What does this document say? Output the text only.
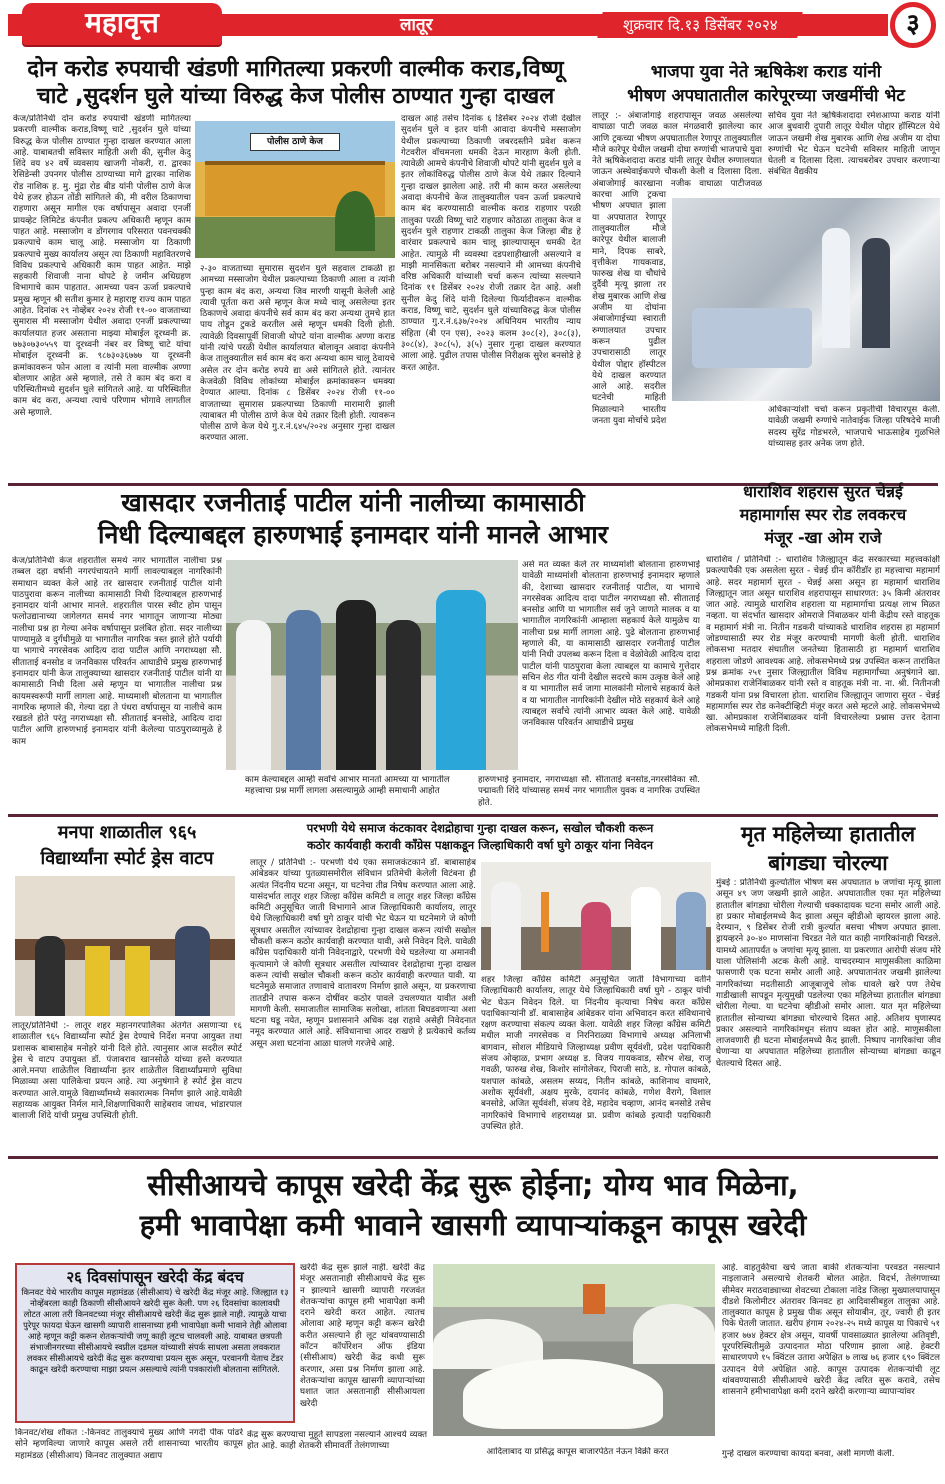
महावृत्त	लातूर	शुक्रवार दि.१३ डिसेंबर २०२४	३
दोन करोड रुपयाची खंडणी मागितल्या प्रकरणी वाल्मीक कराड,विष्णू
चाटे ,सुदर्शन घुले यांच्या विरुद्ध केज पोलीस ठाण्यात गुन्हा दाखल
केज/प्रतिनिधी दोन करोड रुपयाची खंडणी मागितल्या प्रकरणी वाल्मीक कराड,विष्णू चाटे ,सुदर्शन घुले यांच्या विरुद्ध केज पोलीस ठाण्यात गुन्हा दाखल करण्यात आला आहे. याबाबतची सविस्तर माहिती अशी की, सुनील केदु शिंदे वय ४२ वर्षे व्यवसाय खाजगी नोकरी, रा. द्वारका रेसिडेन्सी उपनगर पोलीस ठाण्याच्या मागे द्वारका नाशिक रोड नाशिक ह. मु. मुंद्रा रोड बीड यांनी पोलीस ठाणे केज येथे हजर होऊन तोंडी सांगितले की, मी वरील ठिकाणचा राहणारा असून मागील एक वर्षापासून अवादा एनर्जी प्रायव्हेट लिमिटेड कंपनीत प्रकल्प अधिकारी म्हणून काम पाहत आहे. मस्साजोग व डोंगरगाव परिसरात पवनचक्की प्रकल्पाचे काम चालू आहे. मस्साजोग या ठिकाणी प्रकल्पाचे मुख्य कार्यालय असून त्या ठिकाणी महावितरणचे विविध प्रकल्पाचे अधिकारी काम पाहत आहेत. माझे सहकारी शिवाजी नाना थोपटे हे जमीन अधिग्रहण विभागाचे काम पाहतात. आमच्या पवन ऊर्जा प्रकल्पाचे प्रमुख म्हणून श्री सतीश कुमार हे महाराष्ट्र राज्य काम पाहत आहेत. दिनांक २९ नोव्हेंबर २०२४ रोजी ११-०० वाजताच्या सुमारास मी मस्साजोग येथील अवादा एनर्जी प्रकल्पाच्या कार्यालयात हजर असताना माझ्या मोबाईल दूरध्वनी क्र. ७७३०७३०५५९ या दूरध्वनी नंबर वर विष्णू चाटे यांचा मोबाईल दूरध्वनी क्र. ९८७३०३६७७७ या दूरध्वनी क्रमांकावरून फोन आला व त्यांनी मला वाल्मीक अण्णा बोलणार आहेत असे म्हणाले, तसे ते काम बंद करा व परिस्थितीमध्ये सुदर्शन घुले सांगितले आहे. या परिस्थितीत काम बंद करा, अन्यथा त्याचे परिणाम भोगावे लागतील असे म्हणाले.
पोलीस ठाणे केज
२-३० वाजताच्या सुमारास सुदर्शन घुले सहवाल टाकळी हा आमच्या मस्साजोग येथील प्रकल्पाच्या ठिकाणी आला व त्यांनी पुन्हा काम बंद करा, अन्यथा जिव मारणी यासूनी केलेली आहे त्यावी पूर्तता करा असे म्हणून केज मध्ये चालू असलेल्या इतर ठिकाणचे अवादा कंपनीचे सर्व काम बंद करा अन्यथा तुमचे हात पाय तोडून टुकडे करतील असे म्हणून धमकी दिली होती. त्यावेळी दिवसापूर्वी शिवाजी थोपटे यांना वाल्मीक अण्णा कराड यांनी त्यांचे परळी येथील कार्यालयात बोलावून अवादा कंपनीने केज तालुक्यातील सर्व काम बंद करा अन्यथा काम चालू ठेवायचे असेल तर दोन करोड रुपये द्या असे सांगितले होते. त्यानंतर केजवेळी विविध लोकांच्या मोबाईल क्रमांकावरून धमक्या देण्यात आल्या. दिनांक ८ डिसेंबर २०२४ रोजी ११-०० वाजताच्या सुमारास प्रकल्पाच्या ठिकाणी मारामारी झाली त्याबाबत मी पोलीस ठाणे केज येथे तक्रार दिली होती. त्यावरून पोलीस ठाणे केज येथे गु.र.नं.६४५/२०२४ अनुसार गुन्हा दाखल करण्यात आला.
दाखल आहे तसेच दिनांक ६ डिसेंबर २०२४ रोजी देखील सुदर्शन घुले व इतर यांनी आवादा कंपनीचे मस्साजोग येथील प्रकल्पाच्या ठिकाणी जबरदस्तीने प्रवेश करून गेटवरील वॉचमनला धमकी देऊन मारहाण केली होती. त्यावेळी आमचे कंपनीचे शिवाजी थोपटे यांनी सुदर्शन घुले व इतर लोकांविरुद्ध पोलीस ठाणे केज येथे तक्रार दिल्याने गुन्हा दाखल झालेला आहे. तरी मी काम करत असलेल्या अवादा कंपनीचे केज तालुक्यातील पवन ऊर्जा प्रकल्पाचे काम बंद करण्यासाठी वाल्मीक कराड राहणार परळी तालुका परळी विष्णू चाटे राहणार कोठाळा तालुका केज व सुदर्शन घुले राहणार टाकळी तालुका केज जिल्हा बीड हे वारंवार प्रकल्पाचे काम चालू झाल्यापासून धमकी देत आहेत. त्यामुळे मी व्यवस्था दडपशाहीखाली असल्याने व माझी मानसिकता बरोबर नसल्याने मी आमच्या कंपनीचे वरिष्ठ अधिकारी यांच्याशी चर्चा करून त्यांच्या सल्ल्याने दिनांक ११ डिसेंबर २०२४ रोजी तक्रार देत आहे. अशी सुनील केदु शिंदे यांनी दिलेल्या फिर्यादीवरून वाल्मीक कराड, विष्णू चाटे, सुदर्शन घुले यांच्याविरुद्ध केज पोलीस ठाण्यात गु.र.नं.६३७/२०२४ अधिनियम भारतीय न्याय संहिता (बी एन एस), २०२३ कलम ३०८(२), ३०८(३), ३०८(४), ३०८(५), ३(५) नुसार गुन्हा दाखल करण्यात आला आहे. पुढील तपास पोलीस निरीक्षक सुरेश बनसोडे हे करत आहेत.
भाजपा युवा नेते ऋषिकेश कराड यांनी
भीषण अपघातातील कारेपूरच्या जखमींची भेट
लातूर :- अंबाजोगाई शहरापासून जवळ असलेल्या वाघाळा पाटी जवळ काल मंगळवारी झालेल्या कार आणि ट्रकच्या भीषण अपघातातील रेणापूर तालुक्यातील मौजे कारेपूर येथील जखमी दोघा रुग्णांची भाजपाचे युवा नेते ऋषिकेशदादा कराड यांनी लातूर येथील रुग्णालयात जाऊन अस्थेवाईकपणे चौकशी केली व दिलासा दिला. अंबाजोगाई कारखाना नजीक वाघाळा पाटीजवळ कारचा आणि ट्रकचा भीषण अपघात झाला या अपघातात रेणापूर तालुक्यातील मौजे कारेपूर येथील बालाजी माने, दिपक साबरे, वृत्तीकेश गायकवाड, फारुख शेख या चौघांचे दुर्दैवी मृत्यू झाला तर शेख मुबारक आणि शेख अजीम या दोघांना अंबाजोगाईच्या स्वाराती रुग्णालयात उपचार करून पुढील उपचारासाठी लातूर येथील पोद्दार हॉस्पीटल येथे दाखल करण्यात आले आहे. सदरील घटनेची माहिती मिळाल्याने भारतीय जनता युवा मोर्चाचे प्रदेश
सचिव युवा नेते ऋषिकेशदादा रमेशआप्पा कराड यांनी आज बुधवारी दुपारी लातूर येथील पोद्दार हॉस्पिटल येथे जाऊन जखमी शेख मुबारक आणि शेख अजीम या दोघा रुग्णांची भेट घेऊन घटनेची सविस्तर माहिती जाणून घेतली व दिलासा दिला. त्याचबरोबर उपचार करणाऱ्या संबंधित वैद्यकीय
अधिकाऱ्यांशी चर्चा करून प्रकृतीची विचारपूस केली. यावेळी जखमी रुग्णांचे नातेवाईक जिल्हा परिषदेचे माजी सदस्य सुरेंद्र गोडभरले, भाजपाचे भाऊसाहेब गुळभिले यांच्यासह इतर अनेक जण होते.
खासदार रजनीताई पाटील यांनी नालीच्या कामासाठी
निधी दिल्याबद्दल हारुणभाई इनामदार यांनी मानले आभार
केज/प्रतिनिधी केज शहरातील समर्थ नगर भागातील नालीचा प्रश्न तब्बल दहा वर्षानी नगरपंचायतने मार्गी लावल्याबद्दल नागरिकांनी समाधान व्यक्त केले आहे तर खासदार रजनीताई पाटील यांनी पाठपुरावा करून नालीच्या कामासाठी निधी दिल्याबद्दल हारुणभाई इनामदार यांनी आभार मानले. शहरातील पारस स्वीट होम पासून फलोउद्यानाच्या जागेलगत समर्थ नगर भागातून जाणाऱ्या मोठ्या नालीचा प्रश्न हा गेल्या अनेक वर्षापासून प्रलंबित होता. सदर नालीच्या पाण्यामुळे व दुर्गंधीमुळे या भागातील नागरिक त्रस्त झाले होते पर्यायी या भागाचे नगरसेवक आदित्य दादा पाटील आणि नगराध्यक्षा सौ. सीताताई बनसोड व जनविकास परिवर्तन आघाडीचे प्रमुख हारुणभाई इनामदार यांनी केज तालुक्याच्या खासदार रजनीताई पाटील यांनी या कामासाठी निधी दिला असे म्हणून या भागातील नालीचा प्रश्न कायमस्वरूपी मार्गी लागला आहे. माध्यमाशी बोलताना या भागातील नागरिक म्हणाले की, गेल्या दहा ते पंधरा वर्षापासून या नालीचे काम रखडले होते परंतु नगराध्यक्षा सौ. सीताताई बनसोडे, आदित्य दादा पाटील आणि हारुणभाई इनामदार यांनी केलेल्या पाठपुराव्यामुळे हे काम
काम केल्याबद्दल आम्ही सर्वांचे आभार मानतो आमच्या या भागातील महत्त्वाचा प्रश्न मार्गी लागला असल्यामुळे आम्ही समाधानी आहोत
असे मत व्यक्त केले तर माध्यमांशी बोलताना हारुणभाई यावेळी माध्यमांशी बोलताना हारुणभाई इनामदार म्हणाले की, देशाच्या खासदार रजनीताई पाटील, या भागाचे नगरसेवक आदित्य दादा पाटील नगराध्यक्षा सौ. सीताताई बनसोड आणि या भागातील सर्व जुने जाणते मालक व या भागातील नागरिकांनी आम्हाला सहकार्य केले यामुळेच या नालीचा प्रश्न मार्गी लागला आहे. पुढे बोलताना हारुणभाई म्हणाले की, या कामासाठी खासदार रजनीताई पाटील यांनी निधी उपलब्ध करून दिला व वेळोवेळी आदित्य दादा पाटील यांनी पाठपुरावा केला त्याबद्दल या कामाचे गुत्तेदार सचिन शेठ गीत यांनी देखील सदरचे काम उत्कृष्ठ केले आहे व या भागातील सर्व जागा मालकांनी मोलाचे सहकार्य केले व या भागातील नागरिकांनी देखील मोठे सहकार्य केले आहे त्याबद्दल सर्वांचे त्यांनी आभार व्यक्त केले आहे. यावेळी जनविकास परिवर्तन आघाडीचे प्रमुख
हारुणभाई इनामदार, नगराध्यक्षा सौ. सीताताई बनसोड,नगरसेविका सौ. पद्मावती शिंदे यांच्यासह समर्थ नगर भागातील युवक व नागरिक उपस्थित होते.
धाराशिव शहरास सुरत चेन्नई
महामार्गास स्पर रोड लवकरच
मंजूर -खा ओम राजे
धाराशिव / प्रतिनिधी :- धाराशिव जिल्ह्यातून केंद्र सरकारच्या महत्त्वकांक्षी प्रकल्पापैकी एक असलेला सुरत - चेन्नई ग्रीन कॉरीडॉर हा महत्त्वाचा महामार्ग आहे. सदर महामार्ग सुरत - चेन्नई असा असून हा महामार्ग धाराशिव जिल्ह्यातून जात असून धाराशिव शहरापासून साधारणत: ३५ किमी अंतरावर जात आहे. त्यामुळे धाराशिव शहराला या महामार्गाचा प्रत्यक्ष लाभ मिळत नव्हता. या संदर्भात खासदार ओमराजे निंबाळकर यांनी केंद्रीय रस्ते वाहतूक व महामार्ग मंत्री ना. नितीन गडकरी यांच्याकडे धाराशिव शहरास हा महामार्ग जोडण्यासाठी स्पर रोड मंजूर करण्याची मागणी केली होती. धाराशिव लोकसभा मतदार संघातील जनतेच्या हितासाठी हा महामार्ग धाराशिव शहराला जोडणे आवश्यक आहे. लोकसभेमध्ये प्रश्न उपस्थित करून तारांकित प्रश्न क्रमांक २५१ नुसार जिल्ह्यातील विविध महामार्गांच्या अनुषंगाने खा. ओमप्रकाश राजेनिंबाळकर यांनी रस्ते व वाहतूक मंत्री ना. ना. श्री. नितीनजी गडकरी यांना प्रश्न विचारला होता. धाराशिव जिल्ह्यातून जाणारा सुरत - चेन्नई महामार्गास स्पर रोड कनेक्टीव्हिटी मंजूर करत असे म्हटले आहे. लोकसभेमध्ये खा. ओमप्रकाश राजेनिंबाळकर यांनी विचारलेल्या प्रश्नास उत्तर देताना लोकसभेमध्ये माहिती दिली.
मनपा शाळातील ९६५
विद्यार्थ्यांना स्पोर्ट ड्रेस वाटप
लातूर/प्रतिनिधी :- लातूर शहर महानगरपालिका अंतर्गत असणाऱ्या १६ शाळातील ९६५ विद्यार्थ्यांना स्पोर्ट ड्रेस देण्याचे निर्देश मनपा आयुक्त तथा प्रशासक बाबासाहेब मनोहरे यांनी दिले होते. त्यानुसार आज सदरील स्पोर्ट ड्रेस चे वाटप उपायुक्त डॉ. पंजाबराव खानसोळे यांच्या हस्ते करण्यात आले.मनपा शाळेतील विद्यार्थ्यांना इतर शाळेतील विद्यार्थ्यांप्रमाणे सुविधा मिळाव्या असा पालिकेचा प्रयत्न आहे. त्या अनुषंगाने हे स्पोर्ट ड्रेस वाटप करण्यात आले.यामुळे विद्यार्थ्यांमध्ये सकारात्मक निर्माण झाले आहे.यावेळी सहाय्यक आयुक्त निर्मल माने,शिक्षणाधिकारी साहेबराव जाधव, भांडारपाल बालाजी शिंदे यांची प्रमुख उपस्थिती होती.
परभणी येथे समाज कंटकावर देशद्रोहाचा गुन्हा दाखल करून, सखोल चौकशी करून
कठोर कार्यवाही करावी कॉंग्रेस पक्षाकडून जिल्हाधिकारी वर्षा घुगे ठाकूर यांना निवेदन
लातूर / प्रतिनिधी :- परभणी येथे एका समाजकंटकाने डॉ. बाबासाहेब आंबेडकर यांच्या पुतळ्यासमोरील संविधान प्रतिमेची केलेली विटंबना ही अत्यंत निंदनीय घटना असून, या घटनेचा तीव्र निषेध करण्यात आला आहे. यासंदर्भात लातूर शहर जिल्हा काँग्रेस कमिटी व लातूर शहर जिल्हा काँग्रेस कमिटी अनुसूचित जाती विभागाने आज जिल्हाधिकारी कार्यालय, लातूर येथे जिल्हाधिकारी वर्षा घुगे ठाकूर यांची भेट घेऊन या घटनेमागे जे कोणी सूत्रधार असतील त्यांच्यावर देशद्रोहाचा गुन्हा दाखल करून त्यांची सखोल चौकशी करून कठोर कार्यवाही करण्यात यावी, असे निवेदन दिले. यावेळी काँग्रेस पदाधिकारी यांनी निवेदनाद्वारे, परभणी येथे घडलेल्या या अमानवी कृत्यामागे जे कोणी सूत्रधार असतील त्यांच्यावर देशद्रोहाचा गुन्हा दाखल करून त्यांची सखोल चौकशी करून कठोर कार्यवाही करण्यात यावी. या घटनेमुळे समाजात तणावाचे वातावरण निर्माण झाले असून, या प्रकरणाचा तातडीने तपास करून दोषींवर कठोर पावले उचलण्यात यावीत अशी मागणी केली. समाजातील सामाजिक सलोखा, शांतता बिघडवणाऱ्या अशा घटना घडू नयेत, म्हणून प्रशासनाने अधिक दक्ष राहावे असेही निवेदनात नमूद करण्यात आले आहे. संविधानाचा आदर राखणे हे प्रत्येकाचे कर्तव्य असून अशा घटनांना आळा घालणे गरजेचे आहे.
शहर जिल्हा कॉंग्रेस कमिटी अनुसूचित जाती विभागाच्या वतीने जिल्हाधिकारी कार्यालय, लातूर येथे जिल्हाधिकारी वर्षा घुगे - ठाकूर यांची भेट घेऊन निवेदन दिले. या निंदनीय कृत्याचा निषेध करत कॉंग्रेस पदाधिकाऱ्यांनी डॉ. बाबासाहेब आंबेडकर यांना अभिवादन करत संविधानाचे रक्षण करण्याचा संकल्प व्यक्त केला. यावेळी शहर जिल्हा कॉंग्रेस कमिटी मधील माजी नगरसेवक व निरनिराळ्या विभागाचे अध्यक्ष अनिलाभी बागवान, सोशल मीडियाचे जिल्हाध्यक्ष प्रवीण सूर्यवंशी, प्रदेश पदाधिकारी संजय ओव्हाळ, प्रभाग अध्यक्ष ड. विजय गायकवाड, सौरभ शेख, राजू गवळी, फारुख शेख, किशोर सांगोलेकर, पिराजी साठे, ड. गोपाल कांबळे, यशपाल कांबळे, असलम सय्यद, नितीन कांबळे, काशिनाथ वाघमारे, अशोक सूर्यवंशी, अक्षय मुरके, दयानंद कांबळे, गणेश वैरागे, विशाल बनसोडे, अजित सूर्यवंशी, संजय देडे, महादेव चव्हाण, आनंद बनसोडे तसेच नागरिकांचे विभागाचे शहराध्यक्ष प्रा. प्रवीण कांबळे इत्यादी पदाधिकारी उपस्थित होते.
मृत महिलेच्या हातातील
बांगड्या चोरल्या
मुंबई : प्रतिनिधी कुर्ल्यातील भीषण बस अपघातात ७ जणांचा मृत्यू झाला असून ४९ जण जखमी झाले आहेत. अपघातातील एका मृत महिलेच्या हातातील बांगड्या चोरीला गेल्याची धक्कादायक घटना समोर आली आहे. हा प्रकार मोबाईलमध्ये कैद झाला असून व्हीडीओ व्हायरल झाला आहे. देरम्यान, ९ डिसेंबर रोजी रात्री कुर्ल्यात बसचा भीषण अपघात झाला. ड्रायव्हरने ३०-४० माणसांना चिरडत नेले यात काही नागरिकांनाही चिरडले. यामध्ये आतापर्यंत ७ जणांचा मृत्यू झाला. या प्रकरणात आरोपी संजय मोरे याला पोलिसांनी अटक केली आहे. याचदरम्यान माणुसकीला काळिमा फासणारी एक घटना समोर आली आहे. अपघातानंतर जखमी झालेल्या नागरिकांच्या मदतीसाठी आजूबाजूचे लोक धावले खरे पण तेथेच गाडीखाली सापडून मृत्युमुखी पडलेल्या एका महिलेच्या हातातील बांगड्या चोरीला गेल्या. या घटनेचा व्हीडीओ समोर आला. यात मृत महिलेच्या हातातील सोन्याच्या बांगड्या चोरल्याचे दिसत आहे. अतिशय घृणास्पद प्रकार असल्याने नागरिकांमधून संताप व्यक्त होत आहे. माणुसकीला लाजवणारी ही घटना मोबाईलमध्ये कैद झाली. निष्पाप नागरिकांचा जीव घेणाऱ्या या अपघातात महिलेच्या हातातील सोन्याच्या बांगड्या काढून घेतल्याचे दिसत आहे.
सीसीआयचे कापूस खरेदी केंद्र सुरू होईना; योग्य भाव मिळेना,
हमी भावापेक्षा कमी भावाने खासगी व्यापाऱ्यांकडून कापूस खरेदी
२६ दिवसांपासून खरेदी केंद्र बंदच
किनवट येथे भारतीय कापूस महामंडळ (सीसीआय) चे खरेदी केंद्र मंजूर आहे. जिल्ह्यात १३ नोव्हेंबरला काही ठिकाणी सीसीआयने खरेदी सुरू केली. पण २६ दिवसांचा कालावधी लोटत आला तरी किनवटच्या मंजूर सीसीआयचे खरेदी केंद्र सुरू झाले नाही. त्यामुळे याचा पुरेपूर फायदा घेऊन खासगी व्यापारी शासनाच्या हमी भावापेक्षा कमी भावाने तेही ओलावा आहे म्हणून कट्टी करून शेतकऱ्यांची जणू काही लूटच चालवली आहे. याबाबत छत्रपती संभाजीनगरच्या सीसीआयचे स्वप्नील दडमल यांच्याशी संपर्क साधला असता लवकरात लवकर सीसीआयचे खरेदी केंद्र सुरू करण्याचा प्रयत्न सुरू असून, परवानगी येताच टेंडर काढून खरेदी करण्याचा माझा प्रयत्न असल्याचे त्यांनी पत्रकारांशी बोलताना सांगितले.
किनवट/शेख शौकत :-किनवट तालुक्याचे मुख्य आणि नगदी पीक पांढरे सोने म्हणविल्या जाणारे कापूस असले तरी शासनाच्या भारतीय कापूस महामंडळ (सीसीआय) किनवट तालुक्यात अद्याप
खरेदी केंद्र सुरू झाले नाही. खरेदी केंद्र मंजूर असतानाही सीसीआयचे केंद्र सुरू न झाल्याने खासगी व्यापारी गरजवंत शेतकऱ्यांचा कापूस हमी भावापेक्षा कमी दराने खरेदी करत आहेत. त्यातच ओलावा आहे म्हणून कट्टी करून खरेदी करीत असल्याने ही लूट थांबवण्यासाठी कॉटन कॉर्पोरेशन ऑफ इंडिया (सीसीआय) खरेदी केंद्र कधी सुरू करणार, असा प्रश्न निर्माण झाला आहे. शेतकऱ्यांचा कापूस खासगी व्यापाऱ्यांच्या घशात जात असतानाही सीसीआयला खरेदी
केंद्र सुरू करण्याचा मुहूर्त सापडला नसल्याने आश्चर्य व्यक्त होत आहे. काही शेतकरी सीमावर्ती तेलंगणाच्या
आदिलाबाद या प्रसिद्ध कापूस बाजारपेठेत नेऊन विक्री करत
आहे. वाहतुकीचा खर्च जाता बाकी शेतकऱ्यांना परवडत नसल्याने नाइलाजाने असल्याचे शेतकरी बोलत आहेत. विदर्भ, तेलंगणाच्या सीमेवर मराठवाड्याच्या शेवटच्या टोकाला नांदेड जिल्हा मुख्यालयापासून दीडशे किलोमीटर अंतरावर किनवट हा आदिवासीबहुल तालुका आहे. तालुक्यात कापूस हे प्रमुख पीक असून सोयाबीन, तूर, ज्वारी ही इतर पिके घेतली जातात. खरीप हंगाम २०२४-२५ मध्ये कापूस या पिकाचे ५१ हजार ७७४ हेक्टर क्षेत्र असून, यावर्षी पावसाळ्यात झालेल्या अतिवृष्टी, पूरपरिस्थितीमुळे उत्पादनात मोठा परिणाम झाला आहे. हेक्टरी साधारणपणे १५ क्विंटल उतारा अपेक्षित ७ लाख ७६ हजार ६९० क्विंटल उत्पादन येणे अपेक्षित आहे. कापूस उत्पादक शेतकऱ्यांची लूट थांबवण्यासाठी सीसीआयचे खरेदी केंद्र त्वरित सुरू करावे, तसेच शासनाने हमीभावापेक्षा कमी दराने खरेदी करणाऱ्या व्यापाऱ्यांवर
गुन्हे दाखल करण्याचा कायदा बनवा, अशी मागणी केली.
